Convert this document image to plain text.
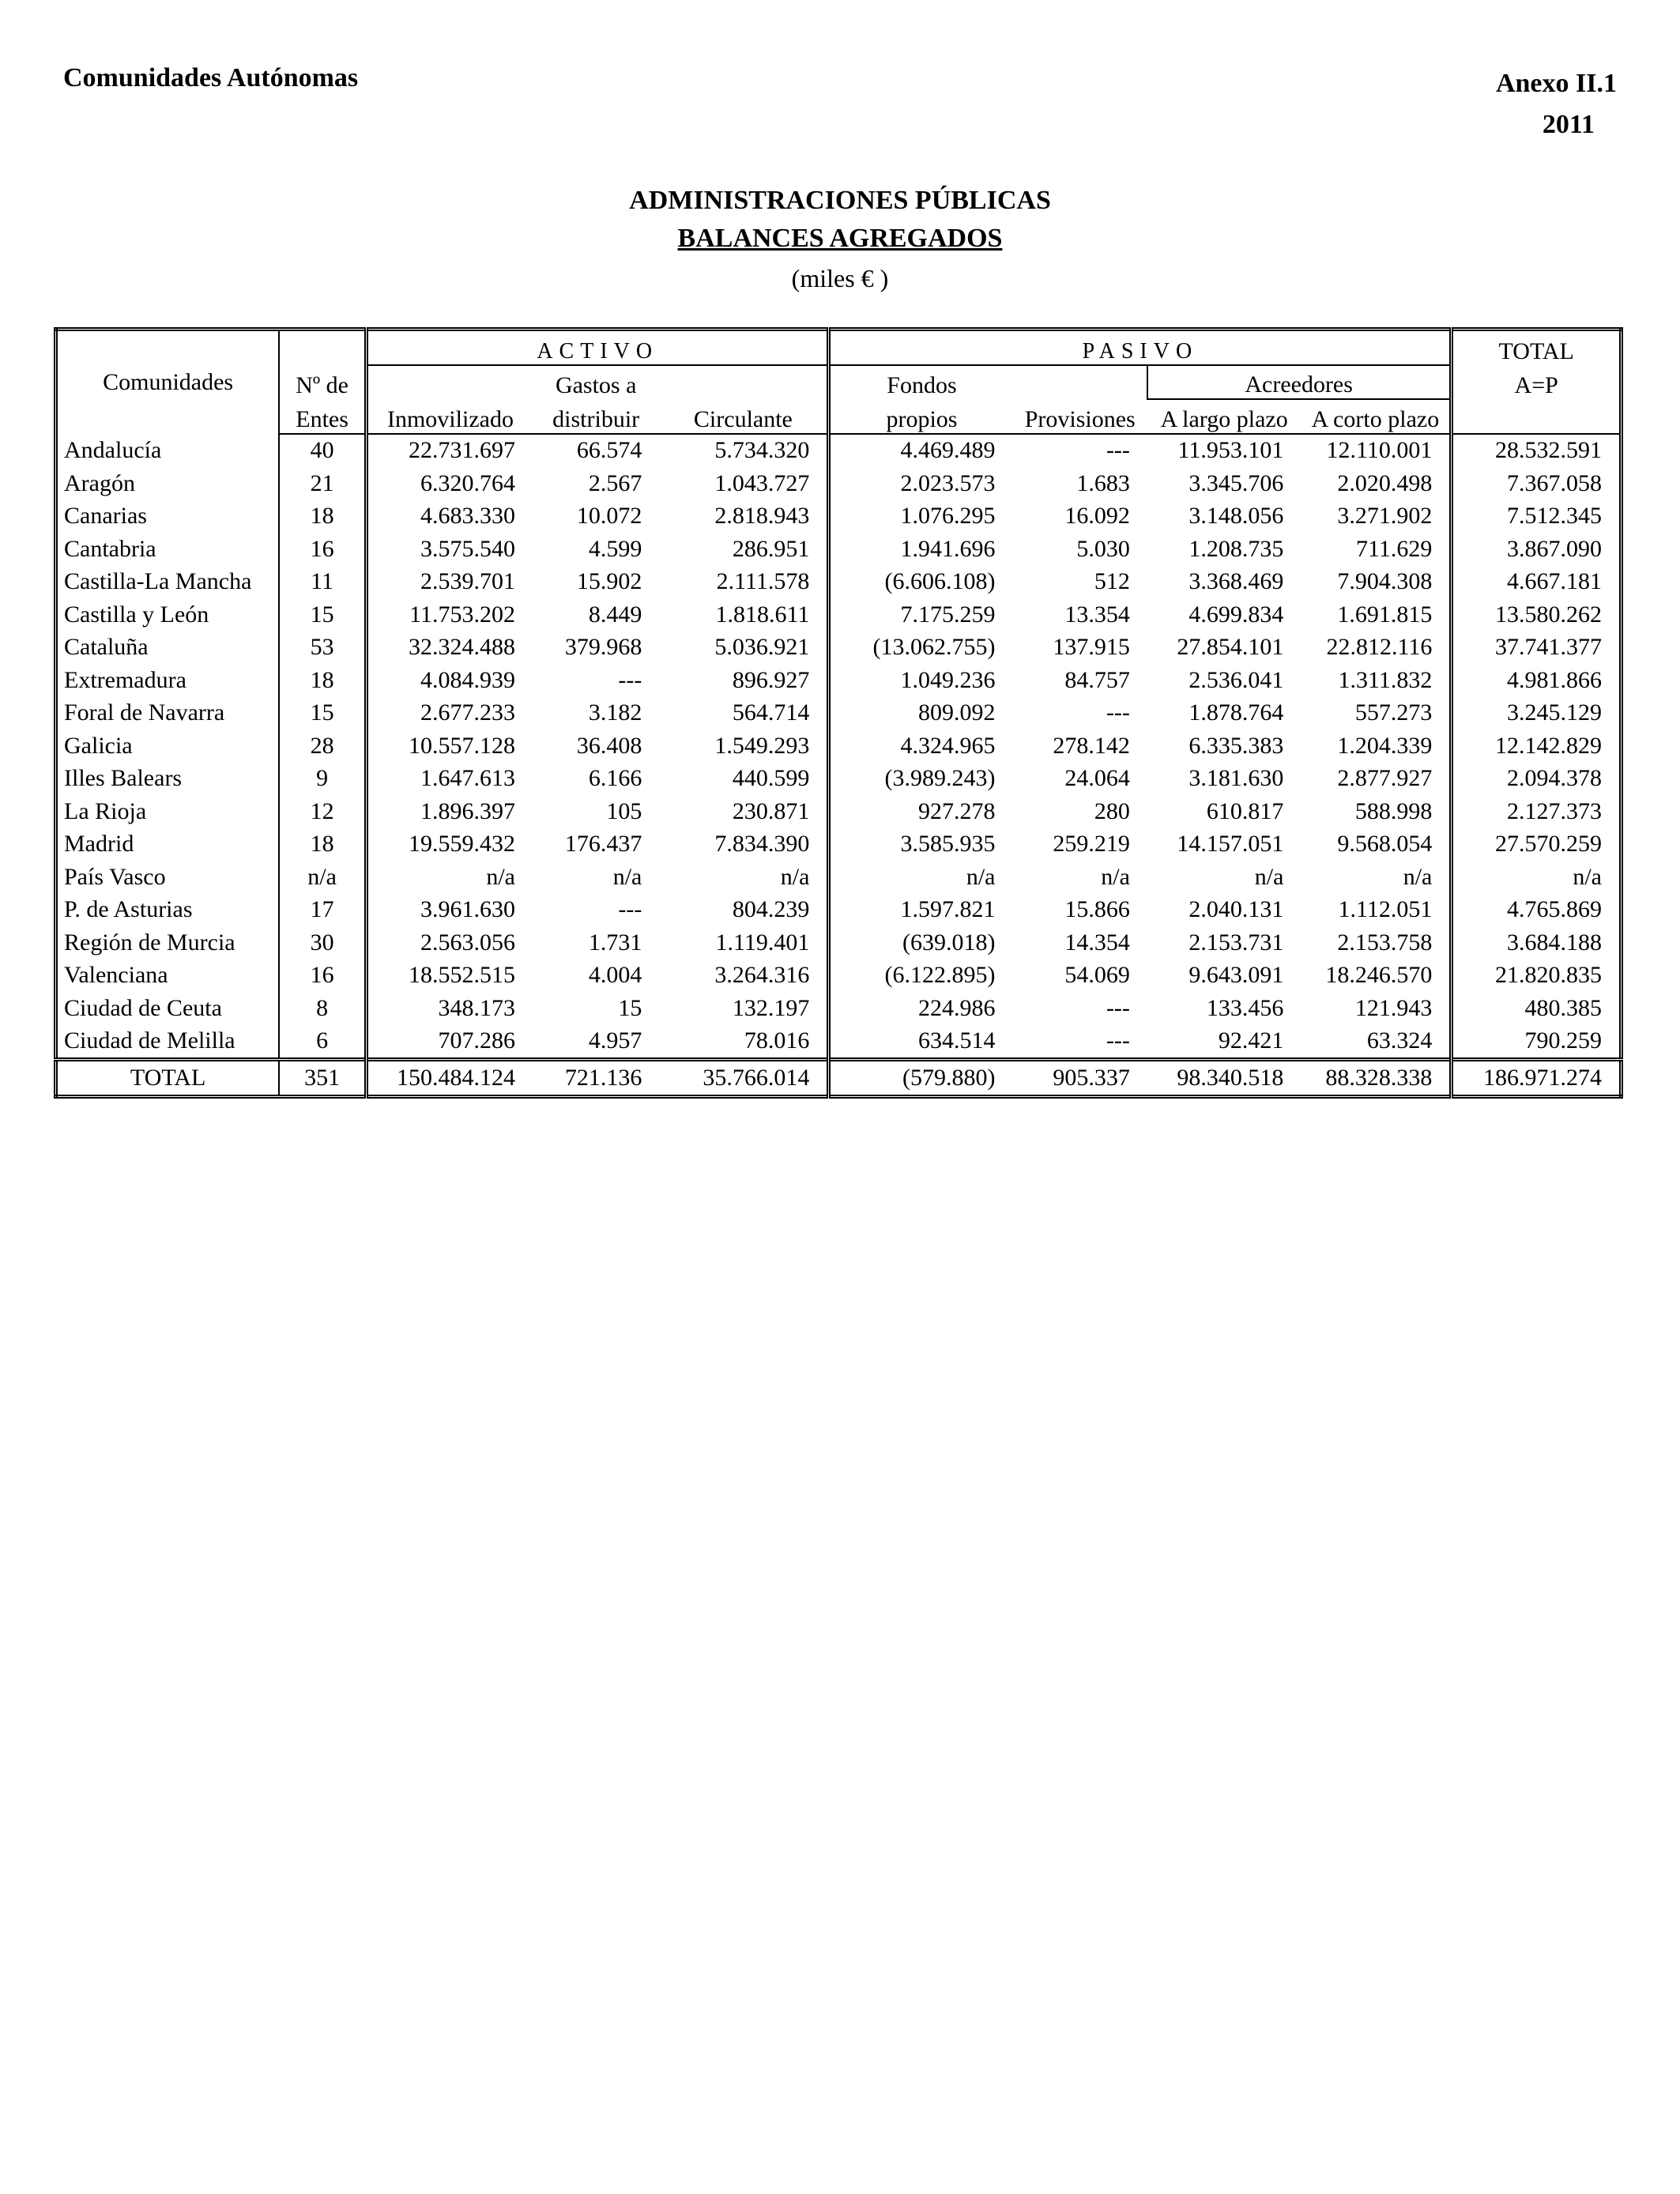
Comunidades Autónomas	Anexo II.1
2011
ADMINISTRACIONES PÚBLICAS
BALANCES AGREGADOS
(miles € )
Comunidades		ACTIVO			PASIVO				TOTAL
	Nº de		Gastos a		Fondos		Acreedores		A=P
	Entes	Inmovilizado	distribuir	Circulante	propios	Provisiones	A largo plazo	A corto plazo	
Andalucía	40	22.731.697	66.574	5.734.320	4.469.489	---	11.953.101	12.110.001	28.532.591
Aragón	21	6.320.764	2.567	1.043.727	2.023.573	1.683	3.345.706	2.020.498	7.367.058
Canarias	18	4.683.330	10.072	2.818.943	1.076.295	16.092	3.148.056	3.271.902	7.512.345
Cantabria	16	3.575.540	4.599	286.951	1.941.696	5.030	1.208.735	711.629	3.867.090
Castilla-La Mancha	11	2.539.701	15.902	2.111.578	(6.606.108)	512	3.368.469	7.904.308	4.667.181
Castilla y León	15	11.753.202	8.449	1.818.611	7.175.259	13.354	4.699.834	1.691.815	13.580.262
Cataluña	53	32.324.488	379.968	5.036.921	(13.062.755)	137.915	27.854.101	22.812.116	37.741.377
Extremadura	18	4.084.939	---	896.927	1.049.236	84.757	2.536.041	1.311.832	4.981.866
Foral de Navarra	15	2.677.233	3.182	564.714	809.092	---	1.878.764	557.273	3.245.129
Galicia	28	10.557.128	36.408	1.549.293	4.324.965	278.142	6.335.383	1.204.339	12.142.829
Illes Balears	9	1.647.613	6.166	440.599	(3.989.243)	24.064	3.181.630	2.877.927	2.094.378
La Rioja	12	1.896.397	105	230.871	927.278	280	610.817	588.998	2.127.373
Madrid	18	19.559.432	176.437	7.834.390	3.585.935	259.219	14.157.051	9.568.054	27.570.259
País Vasco	n/a	n/a	n/a	n/a	n/a	n/a	n/a	n/a	n/a
P. de Asturias	17	3.961.630	---	804.239	1.597.821	15.866	2.040.131	1.112.051	4.765.869
Región de Murcia	30	2.563.056	1.731	1.119.401	(639.018)	14.354	2.153.731	2.153.758	3.684.188
Valenciana	16	18.552.515	4.004	3.264.316	(6.122.895)	54.069	9.643.091	18.246.570	21.820.835
Ciudad de Ceuta	8	348.173	15	132.197	224.986	---	133.456	121.943	480.385
Ciudad de Melilla	6	707.286	4.957	78.016	634.514	---	92.421	63.324	790.259
TOTAL	351	150.484.124	721.136	35.766.014	(579.880)	905.337	98.340.518	88.328.338	186.971.274
